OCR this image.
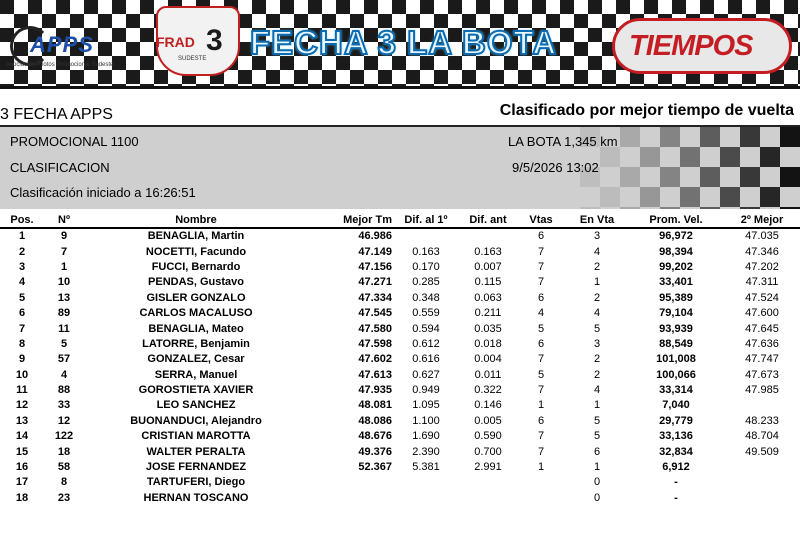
APPS
Asociación Pilotos Promocional Sudeste
FRAD 3
SUDESTE FECHA 3 LA BOTA TIEMPOS
3 FECHA APPS	Clasificado por mejor tiempo de vuelta
PROMOCIONAL 1100
CLASIFICACION
Clasificación iniciado a 16:26:51
LA BOTA 1,345 km
9/5/2026 13:02
Pos.	Nº	Nombre	Mejor Tm	Dif. al 1º	Dif. ant	Vtas	En Vta	Prom. Vel.	2º Mejor
1	9	BENAGLIA, Martin	46.986			6	3	96,972	47.035
2	7	NOCETTI, Facundo	47.149	0.163	0.163	7	4	98,394	47.346
3	1	FUCCI, Bernardo	47.156	0.170	0.007	7	2	99,202	47.202
4	10	PENDAS, Gustavo	47.271	0.285	0.115	7	1	33,401	47.311
5	13	GISLER GONZALO	47.334	0.348	0.063	6	2	95,389	47.524
6	89	CARLOS MACALUSO	47.545	0.559	0.211	4	4	79,104	47.600
7	11	BENAGLIA, Mateo	47.580	0.594	0.035	5	5	93,939	47.645
8	5	LATORRE, Benjamin	47.598	0.612	0.018	6	3	88,549	47.636
9	57	GONZALEZ, Cesar	47.602	0.616	0.004	7	2	101,008	47.747
10	4	SERRA, Manuel	47.613	0.627	0.011	5	2	100,066	47.673
11	88	GOROSTIETA XAVIER	47.935	0.949	0.322	7	4	33,314	47.985
12	33	LEO SANCHEZ	48.081	1.095	0.146	1	1	7,040	
13	12	BUONANDUCI, Alejandro	48.086	1.100	0.005	6	5	29,779	48.233
14	122	CRISTIAN MAROTTA	48.676	1.690	0.590	7	5	33,136	48.704
15	18	WALTER PERALTA	49.376	2.390	0.700	7	6	32,834	49.509
16	58	JOSE FERNANDEZ	52.367	5.381	2.991	1	1	6,912	
17	8	TARTUFERI, Diego					0	-	
18	23	HERNAN TOSCANO					0	-	
